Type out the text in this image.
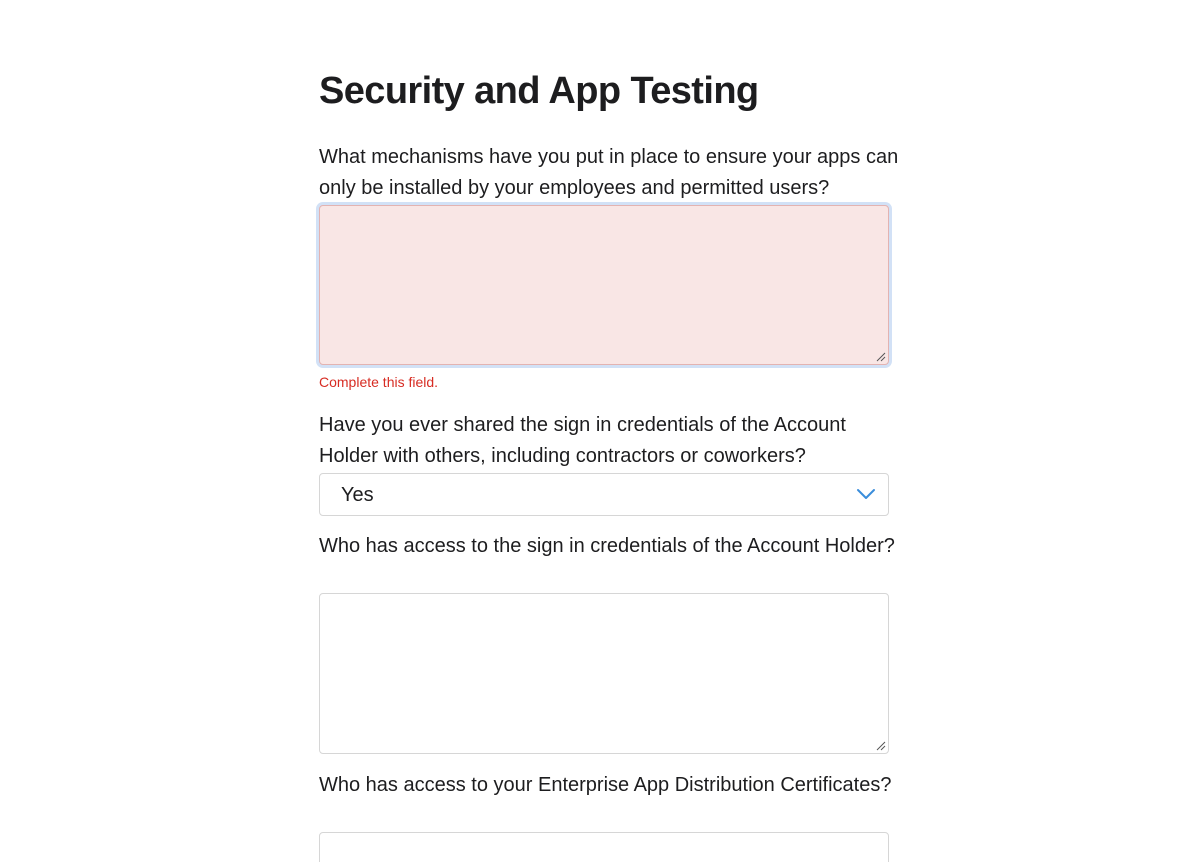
Security and App Testing

What mechanisms have you put in place to ensure your apps can only be installed by your employees and permitted users?

Complete this field.

Have you ever shared the sign in credentials of the Account Holder with others, including contractors or coworkers?

Yes

Who has access to the sign in credentials of the Account Holder?

Who has access to your Enterprise App Distribution Certificates?
